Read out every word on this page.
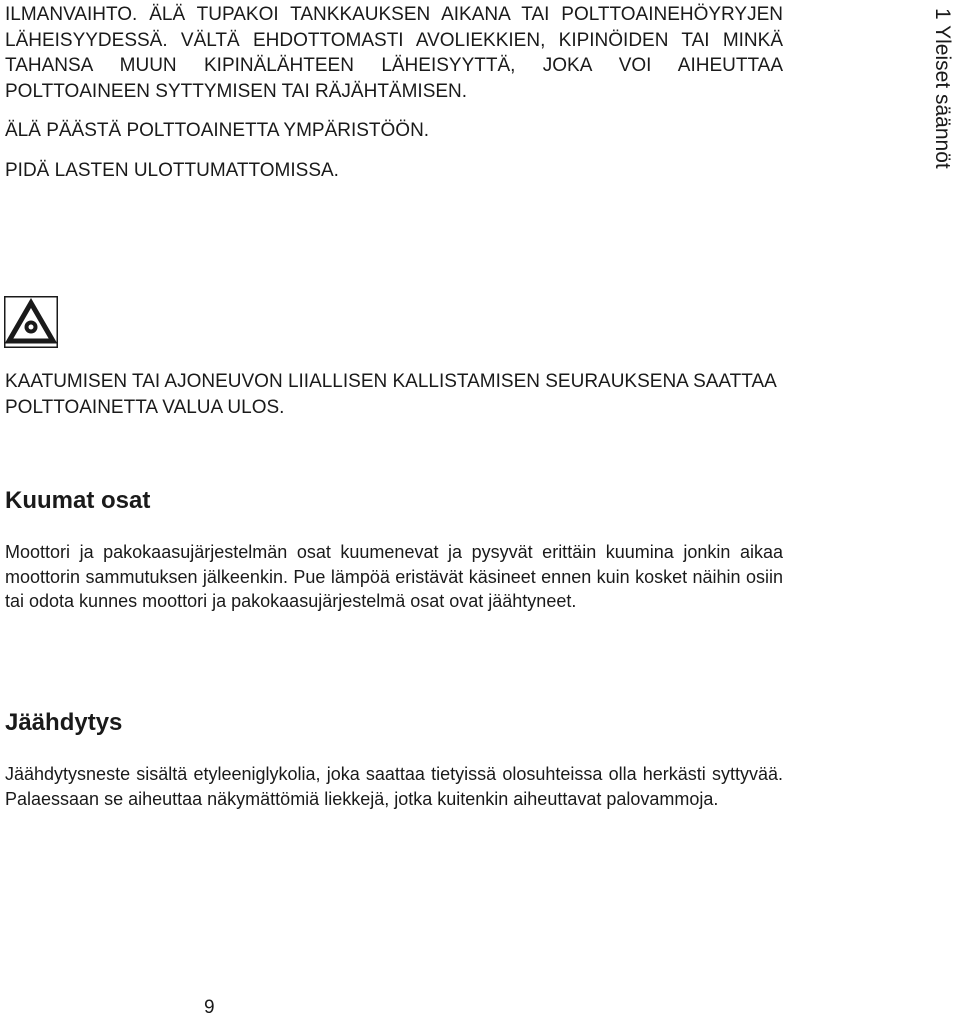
1 Yleiset säännöt

ILMANVAIHTO. ÄLÄ TUPAKOI TANKKAUKSEN AIKANA TAI POLTTOAINEHÖYRYJEN LÄHEISYYDESSÄ. VÄLTÄ EHDOTTOMASTI AVOLIEKKIEN, KIPINÖIDEN TAI MINKÄ TAHANSA MUUN KIPINÄLÄHTEEN LÄHEISYYTTÄ, JOKA VOI AIHEUTTAA POLTTOAINEEN SYTTYMISEN TAI RÄJÄHTÄMISEN.

ÄLÄ PÄÄSTÄ POLTTOAINETTA YMPÄRISTÖÖN.

PIDÄ LASTEN ULOTTUMATTOMISSA.

KAATUMISEN TAI AJONEUVON LIIALLISEN KALLISTAMISEN SEURAUKSENA SAATTAA POLTTOAINETTA VALUA ULOS.

Kuumat osat

Moottori ja pakokaasujärjestelmän osat kuumenevat ja pysyvät erittäin kuumina jonkin aikaa moottorin sammutuksen jälkeenkin. Pue lämpöä eristävät käsineet ennen kuin kosket näihin osiin tai odota kunnes moottori ja pakokaasujärjestelmä osat ovat jäähtyneet.

Jäähdytys

Jäähdytysneste sisältä etyleeniglykolia, joka saattaa tietyissä olosuhteissa olla herkästi syttyvää. Palaessaan se aiheuttaa näkymättömiä liekkejä, jotka kuitenkin aiheuttavat palovammoja.

9
